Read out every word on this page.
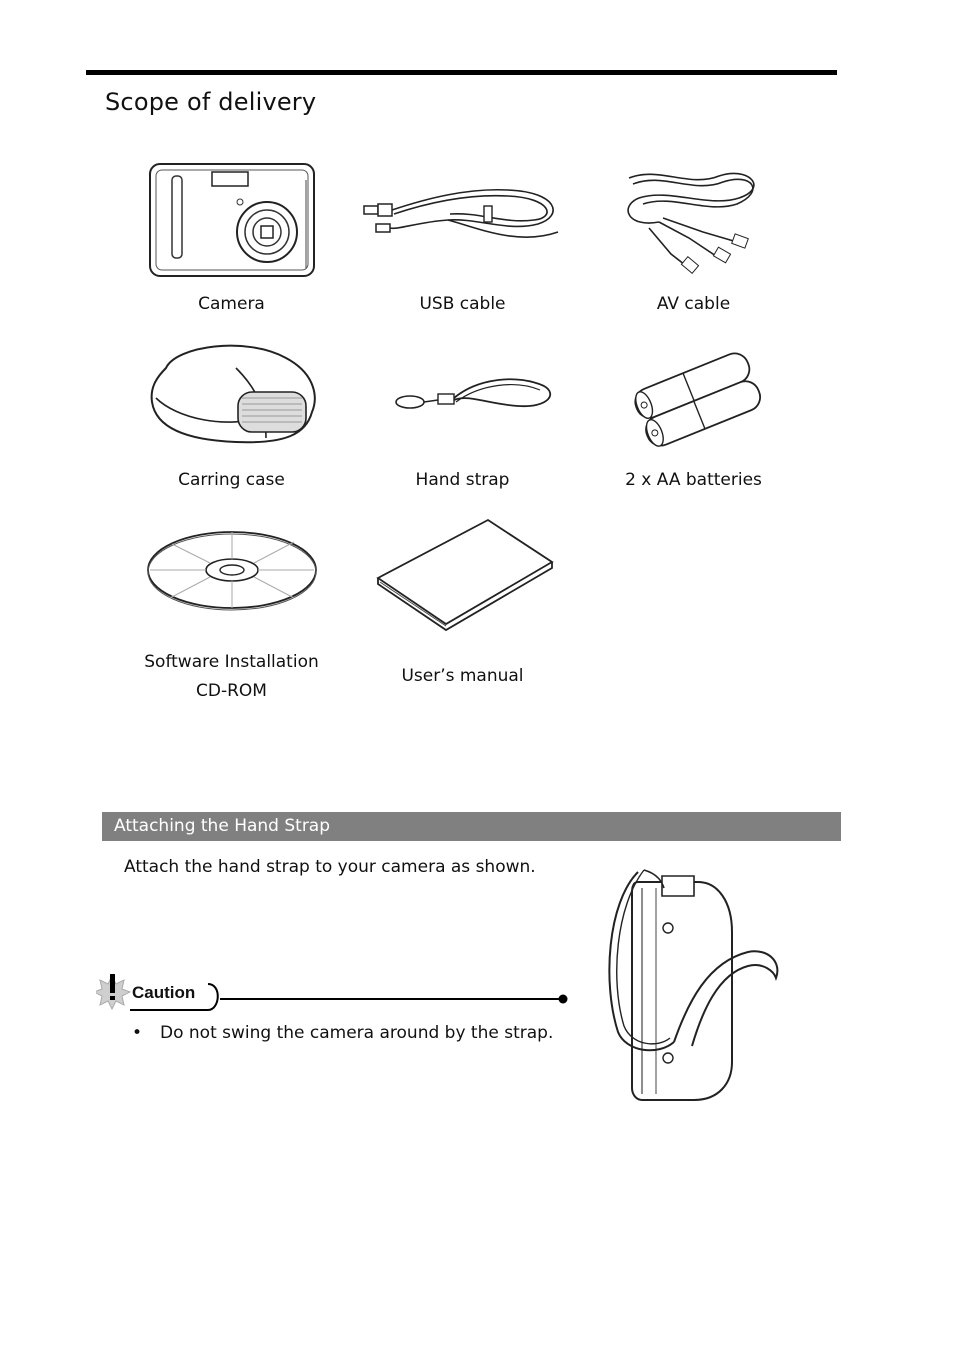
Scope of delivery
Camera	USB cable	AV cable
Carring case	Hand strap	2 x AA batteries
Software Installation
CD-ROM
User’s manual
Attaching the Hand Strap
Attach the hand strap to your camera as shown.
Caution
• Do not swing the camera around by the strap.
